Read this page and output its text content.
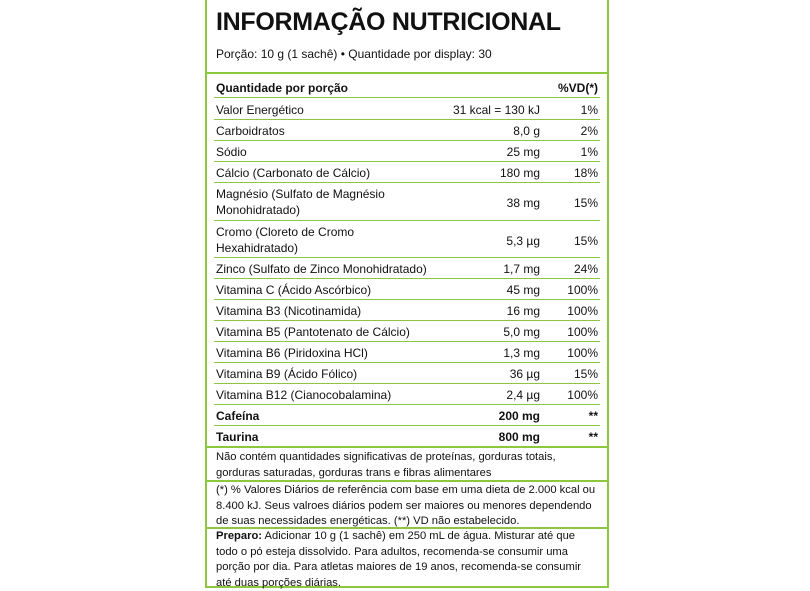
INFORMAÇÃO NUTRICIONAL
Porção: 10 g (1 sachê) • Quantidade por display: 30
Quantidade por porção	%VD(*)
Valor Energético	31 kcal = 130 kJ	1%
Carboidratos	8,0 g	2%
Sódio	25 mg	1%
Cálcio (Carbonato de Cálcio)	180 mg	18%
Magnésio (Sulfato de Magnésio
Monohidratado)	38 mg	15%
Cromo (Cloreto de Cromo
Hexahidratado)	5,3 µg	15%
Zinco (Sulfato de Zinco Monohidratado)	1,7 mg	24%
Vitamina C (Ácido Ascórbico)	45 mg 100%
Vitamina B3 (Nicotinamida)	16 mg 100%
Vitamina B5 (Pantotenato de Cálcio)	5,0 mg 100%
Vitamina B6 (Piridoxina HCl)	1,3 mg 100%
Vitamina B9 (Ácido Fólico)	36 µg	15%
Vitamina B12 (Cianocobalamina)	2,4 µg 100%
Cafeína	200 mg	**
Taurina	800 mg	**
Não contém quantidades significativas de proteínas, gorduras totais, gorduras saturadas, gorduras trans e fibras alimentares
(*) % Valores Diários de referência com base em uma dieta de 2.000 kcal ou 8.400 kJ. Seus valroes diários podem ser maiores ou menores dependendo de suas necessidades energéticas. (**) VD não estabelecido.
Preparo: Adicionar 10 g (1 sachê) em 250 mL de água. Misturar até que todo o pó esteja dissolvido. Para adultos, recomenda-se consumir uma porção por dia. Para atletas maiores de 19 anos, recomenda-se consumir até duas porções diárias.
